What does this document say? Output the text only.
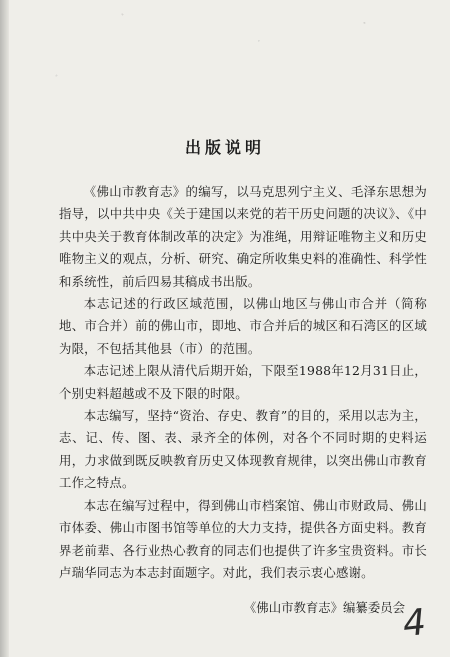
出版说明

《佛山市教育志》的编写，以马克思列宁主义、毛泽东思想为指导，以中共中央《关于建国以来党的若干历史问题的决议》、《中共中央关于教育体制改革的决定》为准绳，用辩证唯物主义和历史唯物主义的观点，分析、研究、确定所收集史料的准确性、科学性和系统性，前后四易其稿成书出版。

本志记述的行政区域范围，以佛山地区与佛山市合并（简称地、市合并）前的佛山市，即地、市合并后的城区和石湾区的区域为限，不包括其他县（市）的范围。

本志记述上限从清代后期开始，下限至1988年12月31日止，个别史料超越或不及下限的时限。

本志编写，坚持“资治、存史、教育”的目的，采用以志为主，志、记、传、图、表、录齐全的体例，对各个不同时期的史料运用，力求做到既反映教育历史又体现教育规律，以突出佛山市教育工作之特点。

本志在编写过程中，得到佛山市档案馆、佛山市财政局、佛山市体委、佛山市图书馆等单位的大力支持，提供各方面史料。教育界老前辈、各行业热心教育的同志们也提供了许多宝贵资料。市长卢瑞华同志为本志封面题字。对此，我们表示衷心感谢。

《佛山市教育志》编纂委员会
4
